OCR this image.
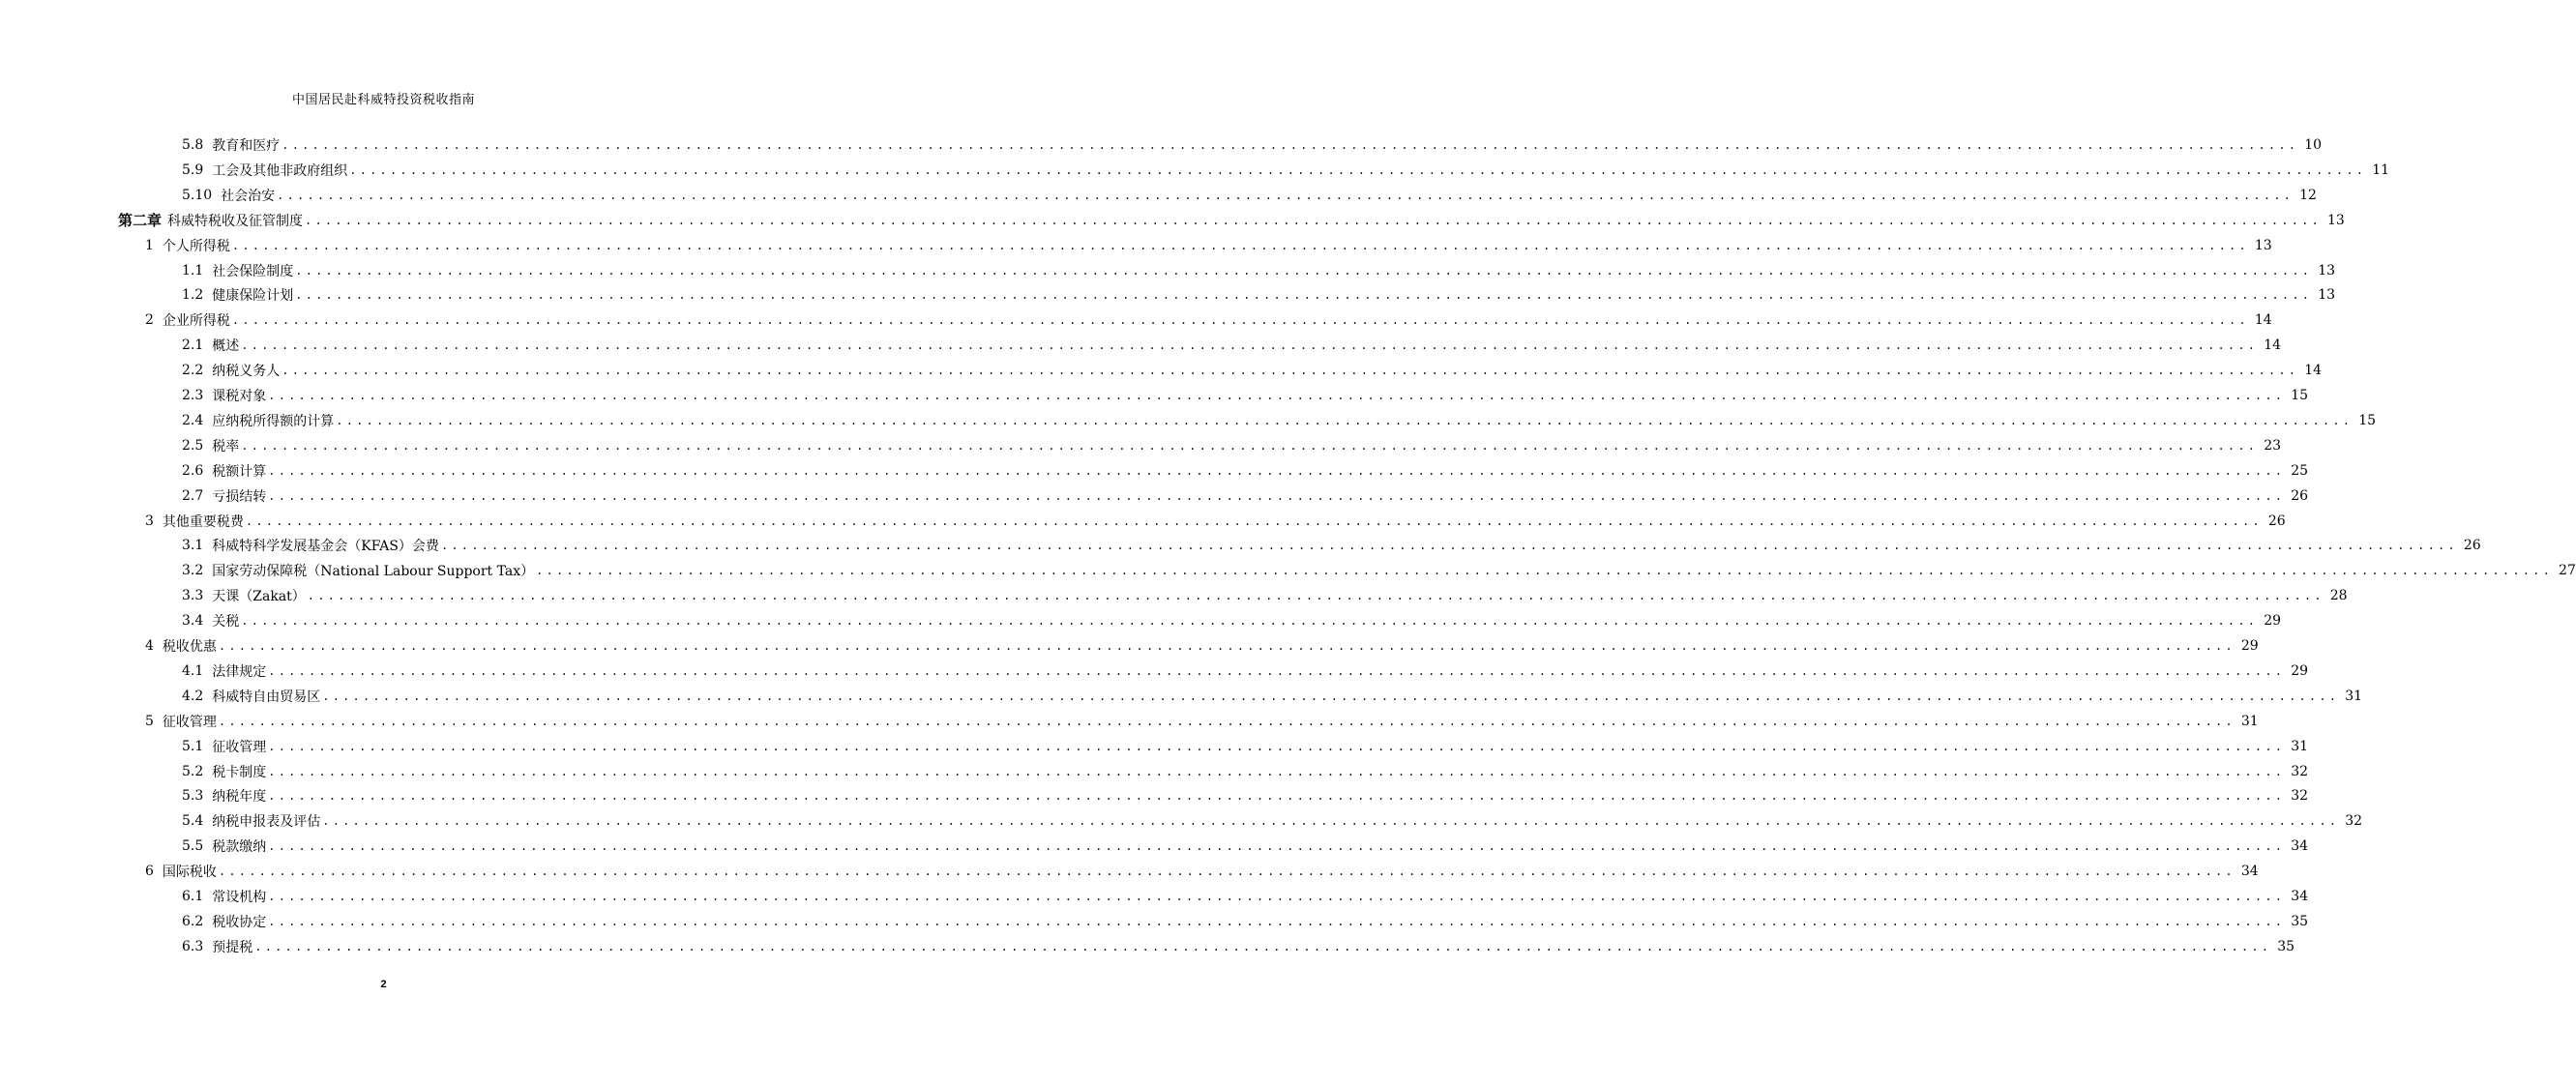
中国居民赴科威特投资税收指南
5.8 教育和医疗 ........................................................................................................................................................................................................ 10
5.9 工会及其他非政府组织 ........................................................................................................................................................................................................ 11
5.10 社会治安 ........................................................................................................................................................................................................ 12
第二章 科威特税收及征管制度 ........................................................................................................................................................................................................ 13
1 个人所得税 ........................................................................................................................................................................................................ 13
1.1 社会保险制度 ........................................................................................................................................................................................................ 13
1.2 健康保险计划 ........................................................................................................................................................................................................ 13
2 企业所得税 ........................................................................................................................................................................................................ 14
2.1 概述 ........................................................................................................................................................................................................ 14
2.2 纳税义务人 ........................................................................................................................................................................................................ 14
2.3 课税对象 ........................................................................................................................................................................................................ 15
2.4 应纳税所得额的计算 ........................................................................................................................................................................................................ 15
2.5 税率 ........................................................................................................................................................................................................ 23
2.6 税额计算 ........................................................................................................................................................................................................ 25
2.7 亏损结转 ........................................................................................................................................................................................................ 26
3 其他重要税费 ........................................................................................................................................................................................................ 26
3.1 科威特科学发展基金会（KFAS）会费 ........................................................................................................................................................................................................ 26
3.2 国家劳动保障税（National Labour Support Tax） ........................................................................................................................................................................................................ 27
3.3 天课（Zakat） ........................................................................................................................................................................................................ 28
3.4 关税 ........................................................................................................................................................................................................ 29
4 税收优惠 ........................................................................................................................................................................................................ 29
4.1 法律规定 ........................................................................................................................................................................................................ 29
4.2 科威特自由贸易区 ........................................................................................................................................................................................................ 31
5 征收管理 ........................................................................................................................................................................................................ 31
5.1 征收管理 ........................................................................................................................................................................................................ 31
5.2 税卡制度 ........................................................................................................................................................................................................ 32
5.3 纳税年度 ........................................................................................................................................................................................................ 32
5.4 纳税申报表及评估 ........................................................................................................................................................................................................ 32
5.5 税款缴纳 ........................................................................................................................................................................................................ 34
6 国际税收 ........................................................................................................................................................................................................ 34
6.1 常设机构 ........................................................................................................................................................................................................ 34
6.2 税收协定 ........................................................................................................................................................................................................ 35
6.3 预提税 ........................................................................................................................................................................................................ 35
2
